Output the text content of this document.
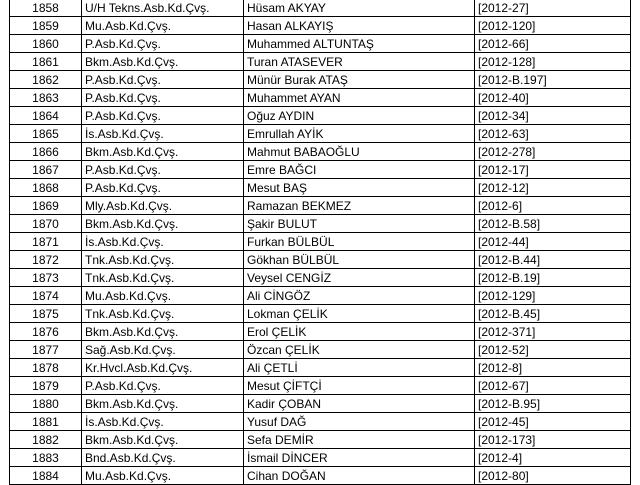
1858	U/H Tekns.Asb.Kd.Çvş.	Hüsam AKYAY	[2012-27]
1859	Mu.Asb.Kd.Çvş.	Hasan ALKAYIŞ	[2012-120]
1860	P.Asb.Kd.Çvş.	Muhammed ALTUNTAŞ	[2012-66]
1861	Bkm.Asb.Kd.Çvş.	Turan ATASEVER	[2012-128]
1862	P.Asb.Kd.Çvş.	Münür Burak ATAŞ	[2012-B.197]
1863	P.Asb.Kd.Çvş.	Muhammet AYAN	[2012-40]
1864	P.Asb.Kd.Çvş.	Oğuz AYDIN	[2012-34]
1865	İs.Asb.Kd.Çvş.	Emrullah AYİK	[2012-63]
1866	Bkm.Asb.Kd.Çvş.	Mahmut BABAOĞLU	[2012-278]
1867	P.Asb.Kd.Çvş.	Emre BAĞCI	[2012-17]
1868	P.Asb.Kd.Çvş.	Mesut BAŞ	[2012-12]
1869	Mly.Asb.Kd.Çvş.	Ramazan BEKMEZ	[2012-6]
1870	Bkm.Asb.Kd.Çvş.	Şakir BULUT	[2012-B.58]
1871	İs.Asb.Kd.Çvş.	Furkan BÜLBÜL	[2012-44]
1872	Tnk.Asb.Kd.Çvş.	Gökhan BÜLBÜL	[2012-B.44]
1873	Tnk.Asb.Kd.Çvş.	Veysel CENGİZ	[2012-B.19]
1874	Mu.Asb.Kd.Çvş.	Ali CİNGÖZ	[2012-129]
1875	Tnk.Asb.Kd.Çvş.	Lokman ÇELİK	[2012-B.45]
1876	Bkm.Asb.Kd.Çvş.	Erol ÇELİK	[2012-371]
1877	Sağ.Asb.Kd.Çvş.	Özcan ÇELİK	[2012-52]
1878	Kr.Hvcl.Asb.Kd.Çvş.	Ali ÇETLİ	[2012-8]
1879	P.Asb.Kd.Çvş.	Mesut ÇİFTÇİ	[2012-67]
1880	Bkm.Asb.Kd.Çvş.	Kadir ÇOBAN	[2012-B.95]
1881	İs.Asb.Kd.Çvş.	Yusuf DAĞ	[2012-45]
1882	Bkm.Asb.Kd.Çvş.	Sefa DEMİR	[2012-173]
1883	Bnd.Asb.Kd.Çvş.	İsmail DİNCER	[2012-4]
1884	Mu.Asb.Kd.Çvş.	Cihan DOĞAN	[2012-80]
